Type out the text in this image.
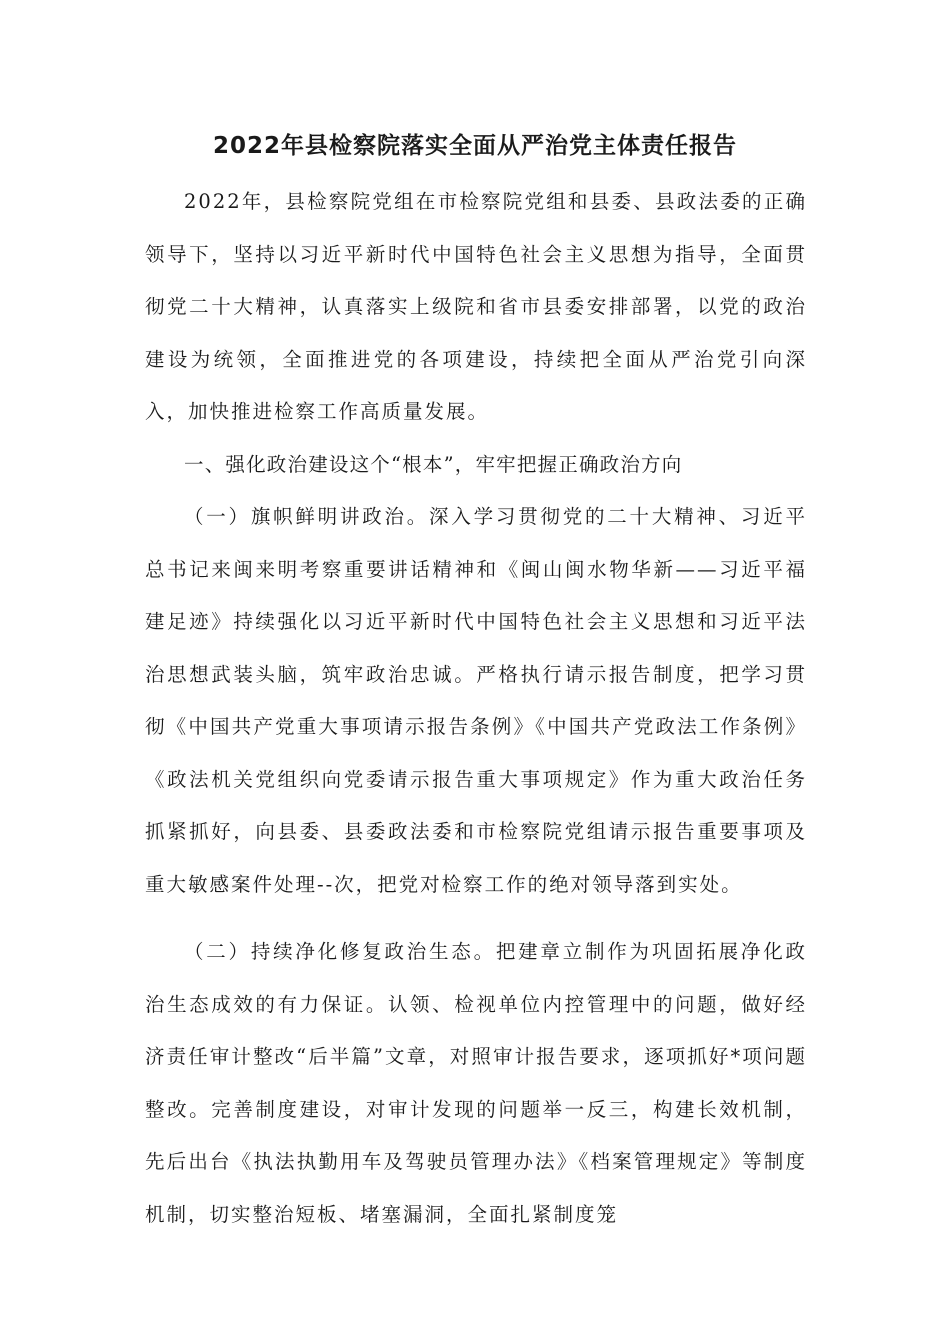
2022年县检察院落实全面从严治党主体责任报告

2022年，县检察院党组在市检察院党组和县委、县政法委的正确领导下，坚持以习近平新时代中国特色社会主义思想为指导，全面贯彻党二十大精神，认真落实上级院和省市县委安排部署，以党的政治建设为统领，全面推进党的各项建设，持续把全面从严治党引向深入，加快推进检察工作高质量发展。

一、强化政治建设这个“根本”，牢牢把握正确政治方向

（一）旗帜鲜明讲政治。深入学习贯彻党的二十大精神、习近平总书记来闽来明考察重要讲话精神和《闽山闽水物华新——习近平福建足迹》持续强化以习近平新时代中国特色社会主义思想和习近平法治思想武装头脑，筑牢政治忠诚。严格执行请示报告制度，把学习贯彻《中国共产党重大事项请示报告条例》《中国共产党政法工作条例》《政法机关党组织向党委请示报告重大事项规定》作为重大政治任务抓紧抓好，向县委、县委政法委和市检察院党组请示报告重要事项及重大敏感案件处理--次，把党对检察工作的绝对领导落到实处。

（二）持续净化修复政治生态。把建章立制作为巩固拓展净化政治生态成效的有力保证。认领、检视单位内控管理中的问题，做好经济责任审计整改“后半篇”文章，对照审计报告要求，逐项抓好*项问题整改。完善制度建设，对审计发现的问题举一反三，构建长效机制，先后出台《执法执勤用车及驾驶员管理办法》《档案管理规定》等制度机制，切实整治短板、堵塞漏洞，全面扎紧制度笼
